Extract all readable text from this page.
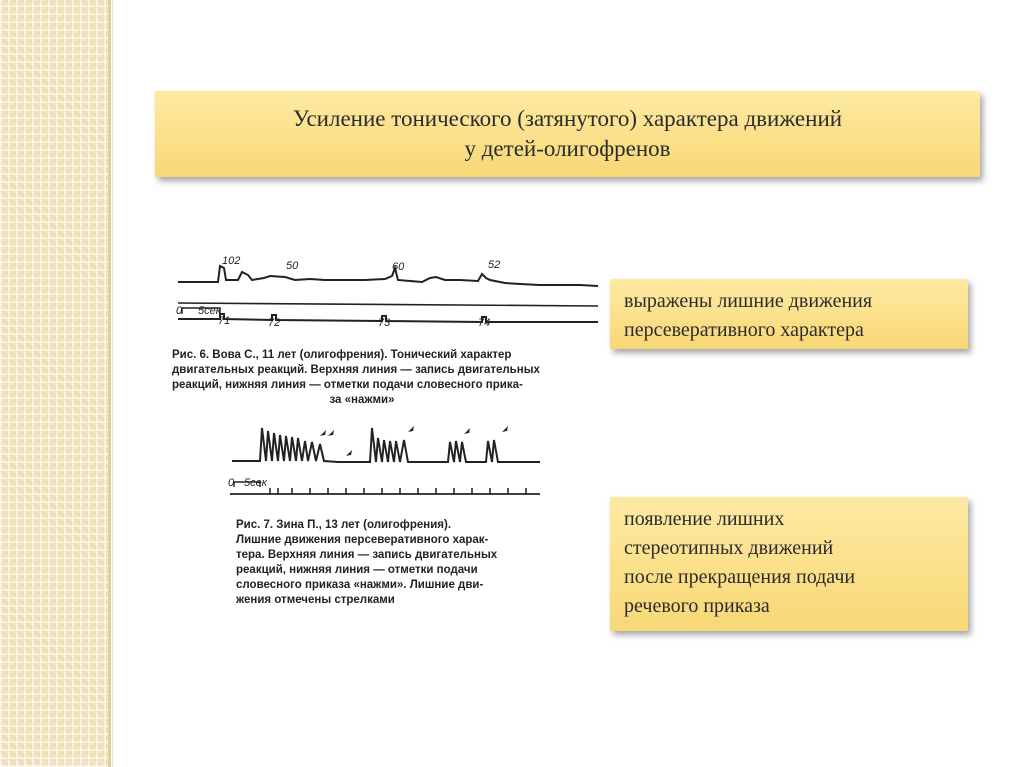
Усиление тонического (затянутого) характера движений
у детей-олигофренов
выражены лишние движения
персеверативного характера
появление лишних
стереотипных движений
после прекращения подачи
речевого приказа
102	50	60	52
0 5сек
71	72	73	74
0 5сек
Рис. 6. Вова С., 11 лет (олигофрения). Тонический характер
двигательных реакций. Верхняя линия — запись двигательных
реакций, нижняя линия — отметки подачи словесного прика-
за «нажми»
Рис. 7. Зина П., 13 лет (олигофрения).
Лишние движения персеверативного харак-
тера. Верхняя линия — запись двигательных
реакций, нижняя линия — отметки подачи
словесного приказа «нажми». Лишние дви-
жения отмечены стрелками
